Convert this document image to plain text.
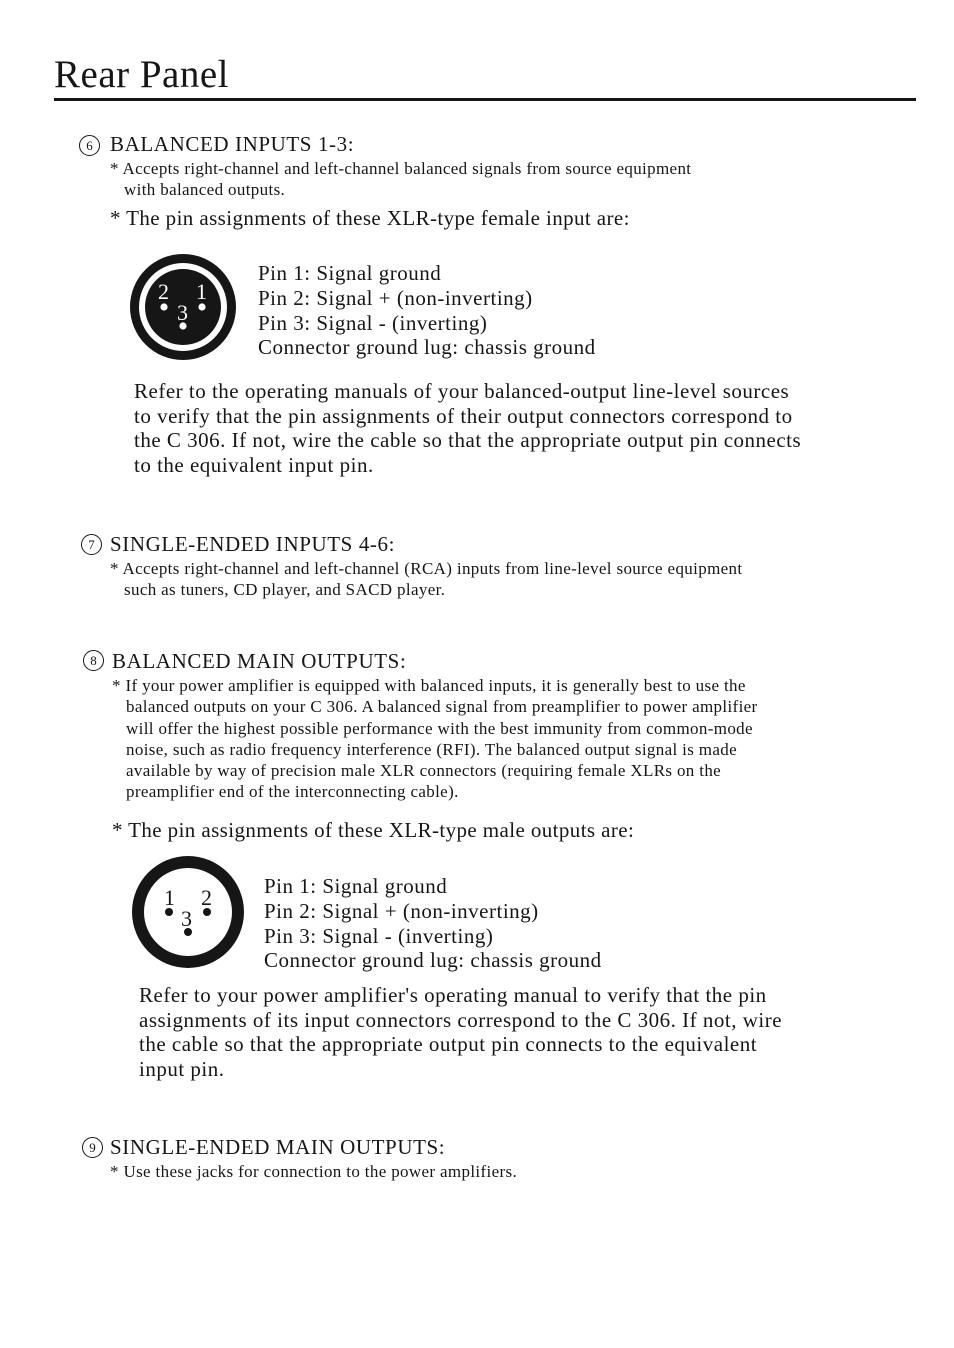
Rear Panel
6 BALANCED INPUTS 1-3:
* Accepts right-channel and left-channel balanced signals from source equipment
with balanced outputs.
* The pin assignments of these XLR-type female input are:
2 1
3
Pin 1: Signal ground
Pin 2: Signal + (non-inverting)
Pin 3: Signal - (inverting)
Connector ground lug: chassis ground
Refer to the operating manuals of your balanced-output line-level sources
to verify that the pin assignments of their output connectors correspond to
the C 306. If not, wire the cable so that the appropriate output pin connects
to the equivalent input pin.
7 SINGLE-ENDED INPUTS 4-6:
* Accepts right-channel and left-channel (RCA) inputs from line-level source equipment
such as tuners, CD player, and SACD player.
8 BALANCED MAIN OUTPUTS:
* If your power amplifier is equipped with balanced inputs, it is generally best to use the
balanced outputs on your C 306. A balanced signal from preamplifier to power amplifier
will offer the highest possible performance with the best immunity from common-mode
noise, such as radio frequency interference (RFI). The balanced output signal is made
available by way of precision male XLR connectors (requiring female XLRs on the
preamplifier end of the interconnecting cable).
* The pin assignments of these XLR-type male outputs are:
1 2
3
Pin 1: Signal ground
Pin 2: Signal + (non-inverting)
Pin 3: Signal - (inverting)
Connector ground lug: chassis ground
Refer to your power amplifier's operating manual to verify that the pin
assignments of its input connectors correspond to the C 306. If not, wire
the cable so that the appropriate output pin connects to the equivalent
input pin.
9 SINGLE-ENDED MAIN OUTPUTS:
* Use these jacks for connection to the power amplifiers.
